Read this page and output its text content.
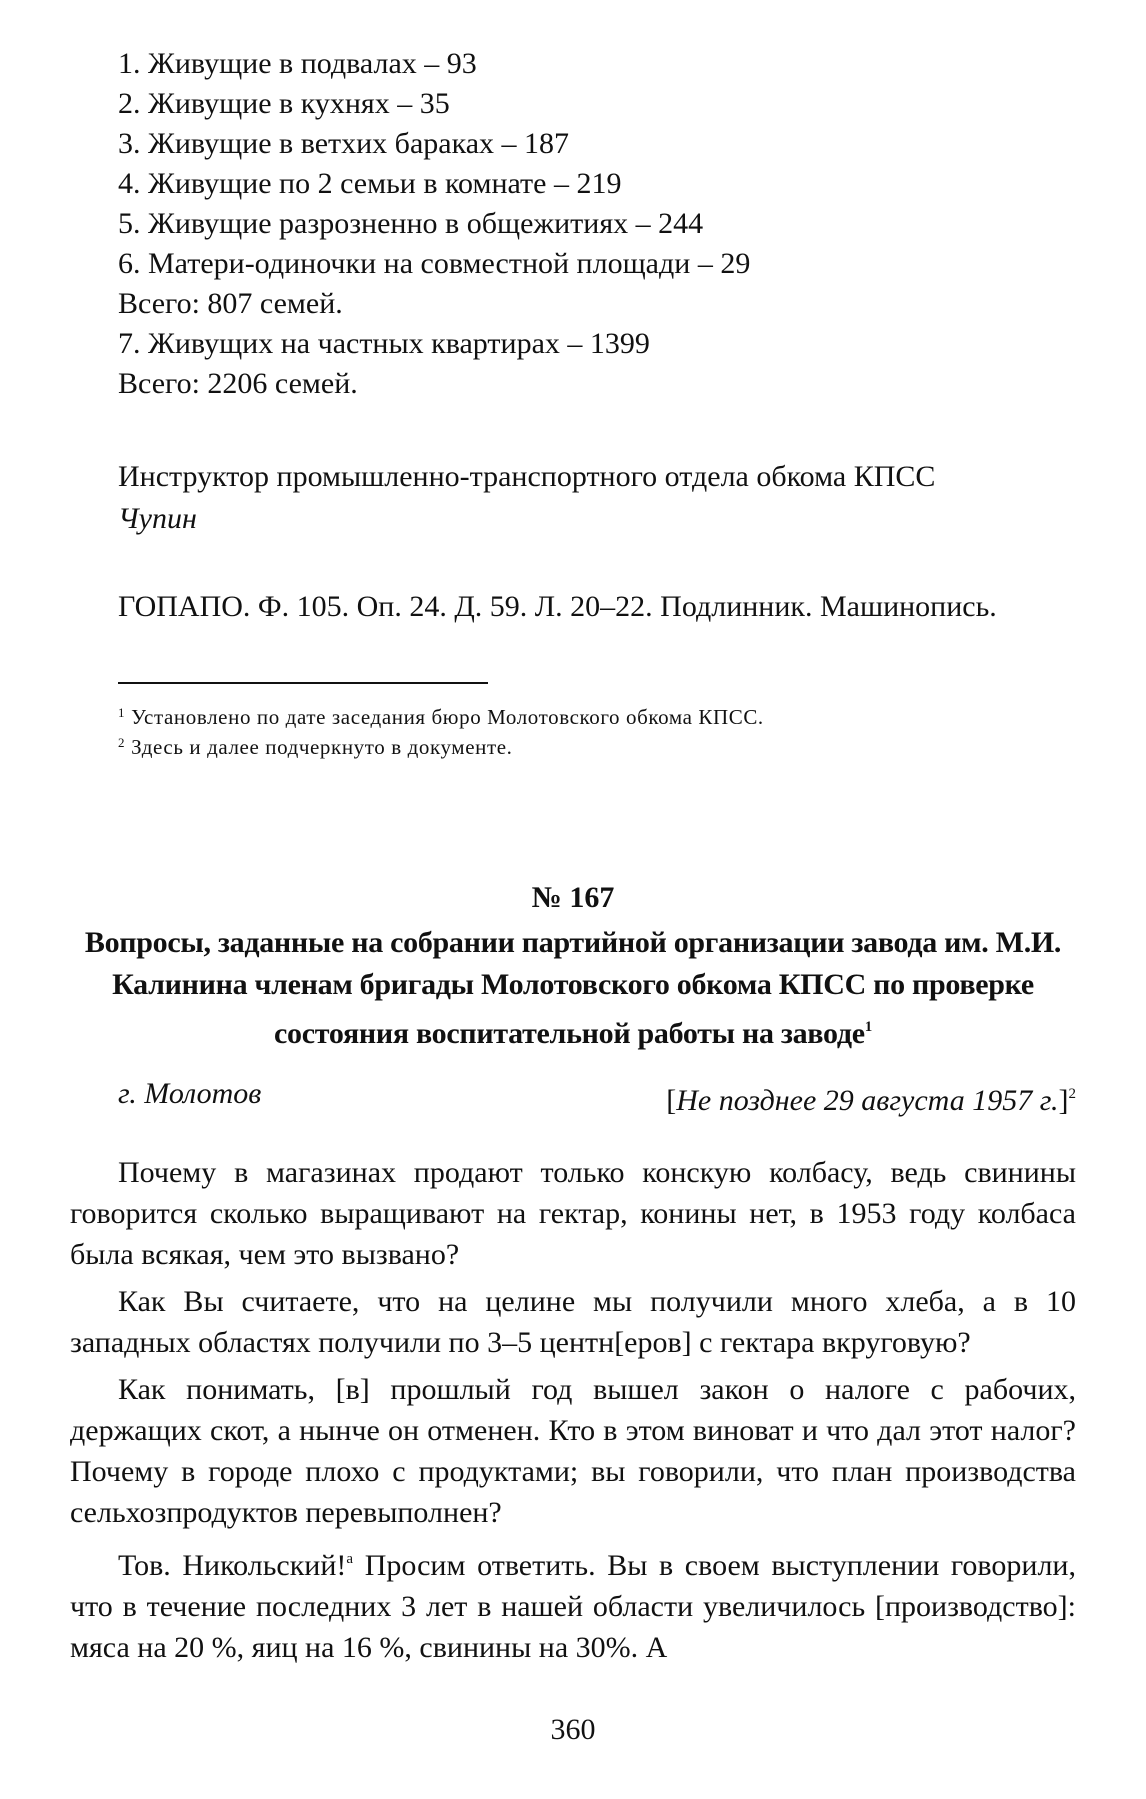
1. Живущие в подвалах – 93
2. Живущие в кухнях – 35
3. Живущие в ветхих бараках – 187
4. Живущие по 2 семьи в комнате – 219
5. Живущие разрозненно в общежитиях – 244
6. Матери-одиночки на совместной площади – 29
Всего: 807 семей.
7. Живущих на частных квартирах – 1399
Всего: 2206 семей.
Инструктор промышленно-транспортного отдела обкома КПСС
Чупин
ГОПАПО. Ф. 105. Оп. 24. Д. 59. Л. 20–22. Подлинник. Машинопись.
$^1$ Установлено по дате заседания бюро Молотовского обкома КПСС.
$^2$ Здесь и далее подчеркнуто в документе.
№ 167
Вопросы, заданные на собрании партийной организации завода им. М.И. Калинина членам бригады Молотовского обкома КПСС по проверке состояния воспитательной работы на заводе$^1$
г. Молотов	[Не позднее 29 августа 1957 г.]$^2$

Почему в магазинах продают только конскую колбасу, ведь свинины говорится сколько выращивают на гектар, конины нет, в 1953 году колбаса была всякая, чем это вызвано?

Как Вы считаете, что на целине мы получили много хлеба, а в 10 западных областях получили по 3–5 центн[еров] с гектара вкруговую?

Как понимать, [в] прошлый год вышел закон о налоге с рабочих, держащих скот, а нынче он отменен. Кто в этом виноват и что дал этот налог? Почему в городе плохо с продуктами; вы говорили, что план производства сельхозпродуктов перевыполнен?

Тов. Никольский!$^а$ Просим ответить. Вы в своем выступлении говорили, что в течение последних 3 лет в нашей области увеличилось [производство]: мяса на 20 %, яиц на 16 %, свинины на 30%. А

360
